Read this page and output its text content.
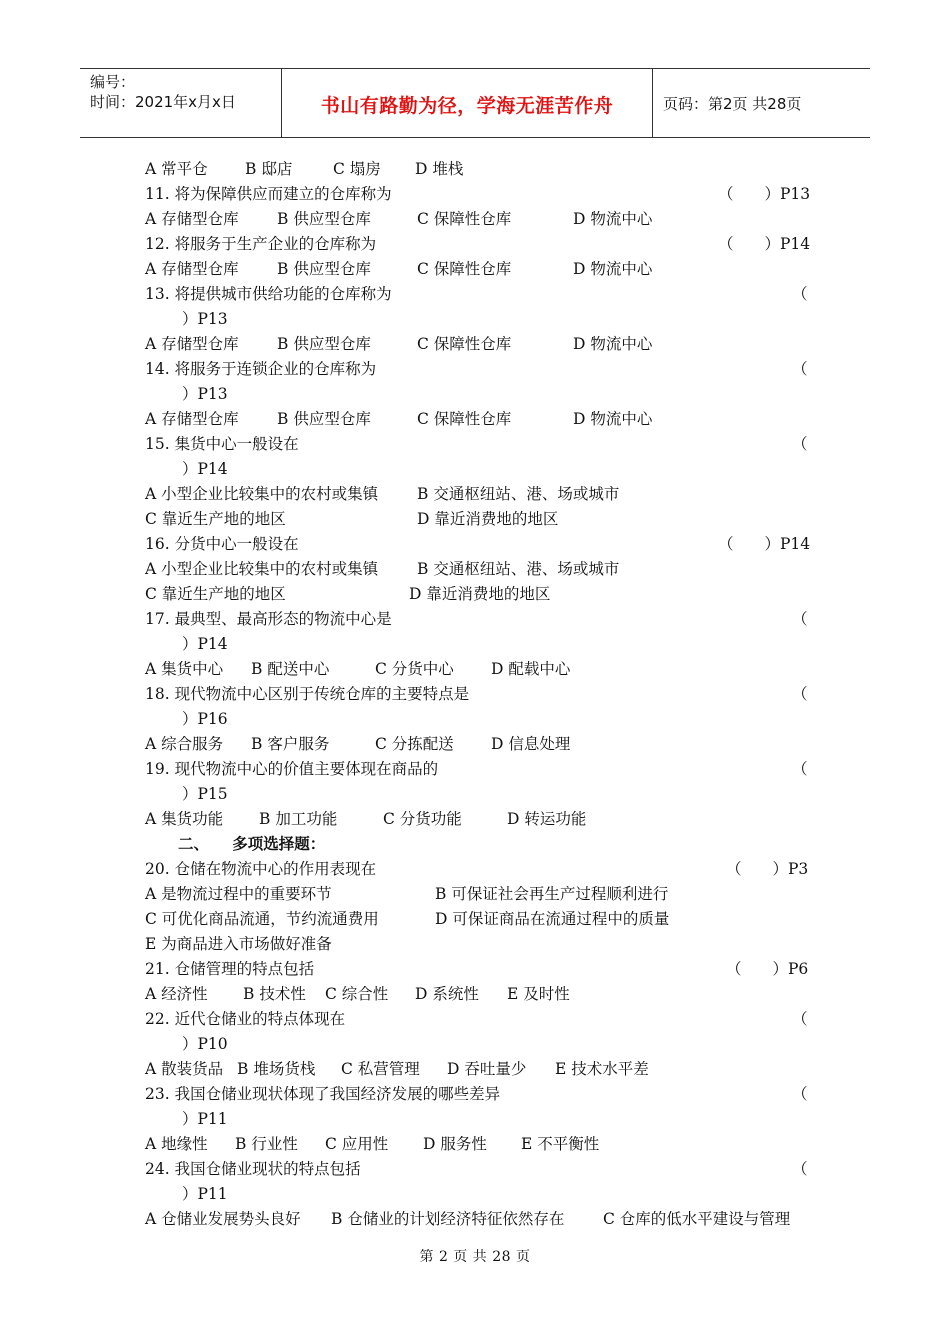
编号：
时间：2021年x月x日	书山有路勤为径，学海无涯苦作舟	页码：第2页 共28页
A 常平仓 B 邸店	C 塌房 D 堆栈
11. 将为保障供应而建立的仓库称为	（　　）P13
A 存储型仓库 B 供应型仓库	C 保障性仓库	D 物流中心
12. 将服务于生产企业的仓库称为	（　　）P14
A 存储型仓库 B 供应型仓库	C 保障性仓库	D 物流中心
13. 将提供城市供给功能的仓库称为	（
）P13
A 存储型仓库 B 供应型仓库	C 保障性仓库	D 物流中心
14. 将服务于连锁企业的仓库称为	（
）P13
A 存储型仓库 B 供应型仓库	C 保障性仓库	D 物流中心
15. 集货中心一般设在	（
）P14
A 小型企业比较集中的农村或集镇	B 交通枢纽站、港、场或城市
C 靠近生产地的地区	D 靠近消费地的地区
16. 分货中心一般设在	（　　）P14
A 小型企业比较集中的农村或集镇	B 交通枢纽站、港、场或城市
C 靠近生产地的地区	D 靠近消费地的地区
17. 最典型、最高形态的物流中心是	（
）P14
A 集货中心 B 配送中心	C 分货中心 D 配载中心
18. 现代物流中心区别于传统仓库的主要特点是	（
）P16
A 综合服务 B 客户服务	C 分拣配送 D 信息处理
19. 现代物流中心的价值主要体现在商品的	（
）P15
A 集货功能 B 加工功能	C 分货功能	D 转运功能
二、　　多项选择题：
20. 仓储在物流中心的作用表现在	（　　）P3
A 是物流过程中的重要环节	B 可保证社会再生产过程顺利进行
C 可优化商品流通，节约流通费用	D 可保证商品在流通过程中的质量
E 为商品进入市场做好准备
21. 仓储管理的特点包括	（　　）P6
A 经济性 B 技术性 C 综合性 D 系统性 E 及时性
22. 近代仓储业的特点体现在	（
）P10
A 散装货品 B 堆场货栈 C 私营管理 D 吞吐量少 E 技术水平差
23. 我国仓储业现状体现了我国经济发展的哪些差异	（
）P11
A 地缘性 B 行业性 C 应用性 D 服务性 E 不平衡性
24. 我国仓储业现状的特点包括	（
）P11
A 仓储业发展势头良好 B 仓储业的计划经济特征依然存在 C 仓库的低水平建设与管理
第 2 页 共 28 页
